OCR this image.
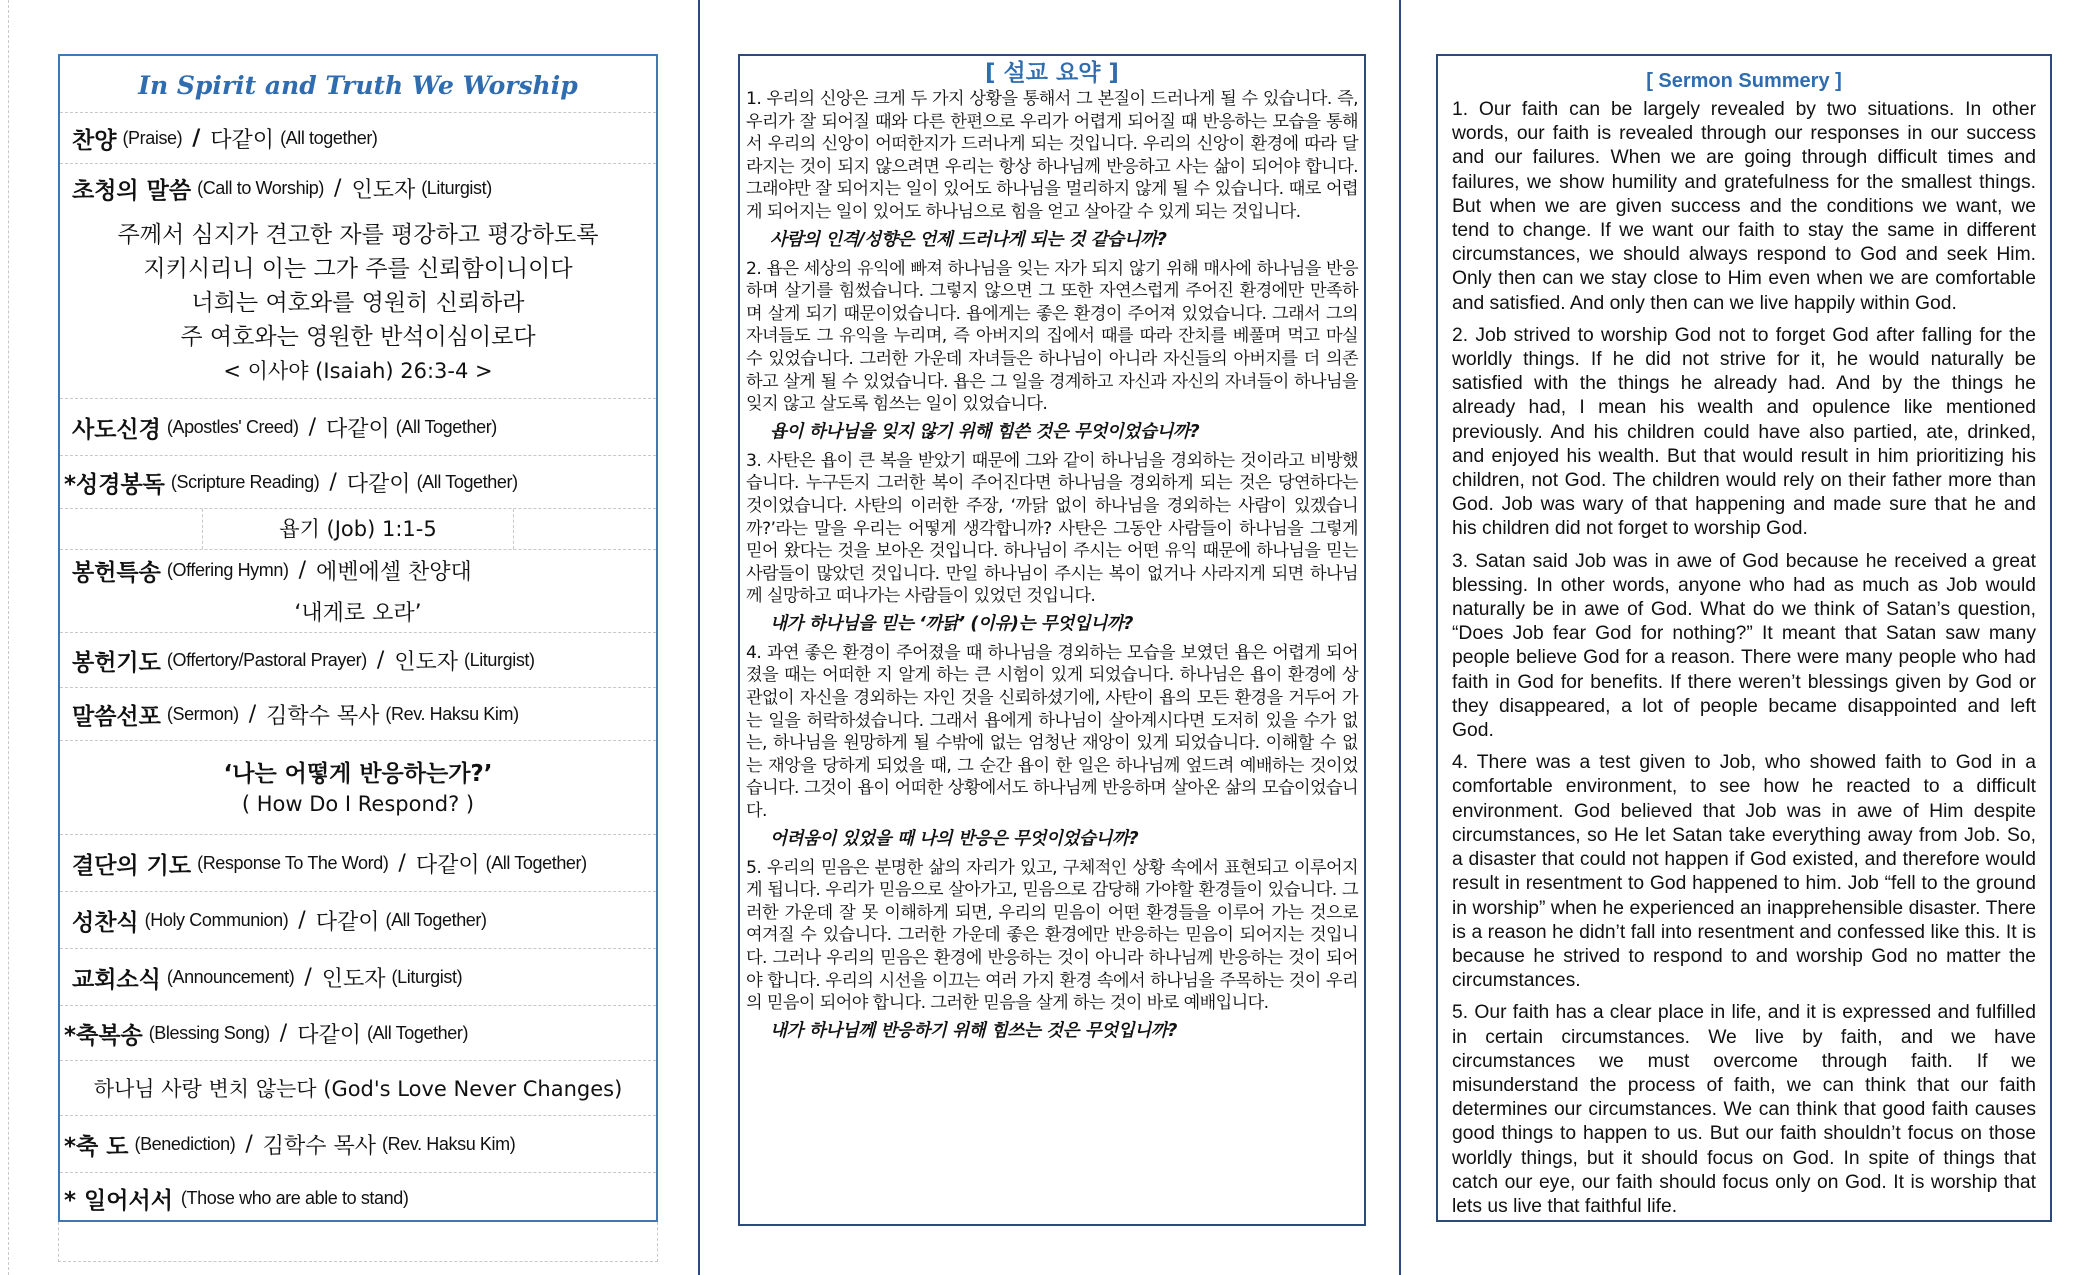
In Spirit and Truth We Worship
찬양 (Praise) / 다같이 (All together)
초청의 말씀 (Call to Worship) / 인도자 (Liturgist)
주께서 심지가 견고한 자를 평강하고 평강하도록
지키시리니 이는 그가 주를 신뢰함이니이다
너희는 여호와를 영원히 신뢰하라
주 여호와는 영원한 반석이심이로다
< 이사야 (Isaiah) 26:3-4 >
사도신경 (Apostles' Creed) / 다같이 (All Together)
*성경봉독 (Scripture Reading) / 다같이 (All Together)
욥기 (Job) 1:1-5
봉헌특송 (Offering Hymn) / 에벤에셀 찬양대
‘내게로 오라’
봉헌기도 (Offertory/Pastoral Prayer) / 인도자 (Liturgist)
말씀선포 (Sermon) / 김학수 목사 (Rev. Haksu Kim)
‘나는 어떻게 반응하는가?’
( How Do I Respond? )
결단의 기도 (Response To The Word) / 다같이 (All Together)
성찬식 (Holy Communion) / 다같이 (All Together)
교회소식 (Announcement) / 인도자 (Liturgist)
*축복송 (Blessing Song) / 다같이 (All Together)
하나님 사랑 변치 않는다 (God's Love Never Changes)
*축 도 (Benediction) / 김학수 목사 (Rev. Haksu Kim)
* 일어서서 (Those who are able to stand)
[ 설교 요약 ]

1. 우리의 신앙은 크게 두 가지 상황을 통해서 그 본질이 드러나게 될 수 있습니다. 즉, 우리가 잘 되어질 때와 다른 한편으로 우리가 어렵게 되어질 때 반응하는 모습을 통해서 우리의 신앙이 어떠한지가 드러나게 되는 것입니다. 우리의 신앙이 환경에 따라 달라지는 것이 되지 않으려면 우리는 항상 하나님께 반응하고 사는 삶이 되어야 합니다. 그래야만 잘 되어지는 일이 있어도 하나님을 멀리하지 않게 될 수 있습니다. 때로 어렵게 되어지는 일이 있어도 하나님으로 힘을 얻고 살아갈 수 있게 되는 것입니다.

사람의 인격/성향은 언제 드러나게 되는 것 같습니까?

2. 욥은 세상의 유익에 빠져 하나님을 잊는 자가 되지 않기 위해 매사에 하나님을 반응하며 살기를 힘썼습니다. 그렇지 않으면 그 또한 자연스럽게 주어진 환경에만 만족하며 살게 되기 때문이었습니다. 욥에게는 좋은 환경이 주어져 있었습니다. 그래서 그의 자녀들도 그 유익을 누리며, 즉 아버지의 집에서 때를 따라 잔치를 베풀며 먹고 마실 수 있었습니다. 그러한 가운데 자녀들은 하나님이 아니라 자신들의 아버지를 더 의존하고 살게 될 수 있었습니다. 욥은 그 일을 경계하고 자신과 자신의 자녀들이 하나님을 잊지 않고 살도록 힘쓰는 일이 있었습니다.

욥이 하나님을 잊지 않기 위해 힘쓴 것은 무엇이었습니까?

3. 사탄은 욥이 큰 복을 받았기 때문에 그와 같이 하나님을 경외하는 것이라고 비방했습니다. 누구든지 그러한 복이 주어진다면 하나님을 경외하게 되는 것은 당연하다는 것이었습니다. 사탄의 이러한 주장, ‘까닭 없이 하나님을 경외하는 사람이 있겠습니까?’라는 말을 우리는 어떻게 생각합니까? 사탄은 그동안 사람들이 하나님을 그렇게 믿어 왔다는 것을 보아온 것입니다. 하나님이 주시는 어떤 유익 때문에 하나님을 믿는 사람들이 많았던 것입니다. 만일 하나님이 주시는 복이 없거나 사라지게 되면 하나님께 실망하고 떠나가는 사람들이 있었던 것입니다.

내가 하나님을 믿는 ‘까닭’ (이유)는 무엇입니까?

4. 과연 좋은 환경이 주어졌을 때 하나님을 경외하는 모습을 보였던 욥은 어렵게 되어졌을 때는 어떠한 지 알게 하는 큰 시험이 있게 되었습니다. 하나님은 욥이 환경에 상관없이 자신을 경외하는 자인 것을 신뢰하셨기에, 사탄이 욥의 모든 환경을 거두어 가는 일을 허락하셨습니다. 그래서 욥에게 하나님이 살아계시다면 도저히 있을 수가 없는, 하나님을 원망하게 될 수밖에 없는 엄청난 재앙이 있게 되었습니다. 이해할 수 없는 재앙을 당하게 되었을 때, 그 순간 욥이 한 일은 하나님께 엎드려 예배하는 것이었습니다. 그것이 욥이 어떠한 상황에서도 하나님께 반응하며 살아온 삶의 모습이었습니다.

어려움이 있었을 때 나의 반응은 무엇이었습니까?

5. 우리의 믿음은 분명한 삶의 자리가 있고, 구체적인 상황 속에서 표현되고 이루어지게 됩니다. 우리가 믿음으로 살아가고, 믿음으로 감당해 가야할 환경들이 있습니다. 그러한 가운데 잘 못 이해하게 되면, 우리의 믿음이 어떤 환경들을 이루어 가는 것으로 여겨질 수 있습니다. 그러한 가운데 좋은 환경에만 반응하는 믿음이 되어지는 것입니다. 그러나 우리의 믿음은 환경에 반응하는 것이 아니라 하나님께 반응하는 것이 되어야 합니다. 우리의 시선을 이끄는 여러 가지 환경 속에서 하나님을 주목하는 것이 우리의 믿음이 되어야 합니다. 그러한 믿음을 살게 하는 것이 바로 예배입니다.

내가 하나님께 반응하기 위해 힘쓰는 것은 무엇입니까?
[ Sermon Summery ]

1. Our faith can be largely revealed by two situations. In other words, our faith is revealed through our responses in our success and our failures. When we are going through difficult times and failures, we show humility and gratefulness for the smallest things. But when we are given success and the conditions we want, we tend to change. If we want our faith to stay the same in different circumstances, we should always respond to God and seek Him. Only then can we stay close to Him even when we are comfortable and satisfied. And only then can we live happily within God.

2. Job strived to worship God not to forget God after falling for the worldly things. If he did not strive for it, he would naturally be satisfied with the things he already had. And by the things he already had, I mean his wealth and opulence like mentioned previously. And his children could have also partied, ate, drinked, and enjoyed his wealth. But that would result in him prioritizing his children, not God. The children would rely on their father more than God. Job was wary of that happening and made sure that he and his children did not forget to worship God.

3. Satan said Job was in awe of God because he received a great blessing. In other words, anyone who had as much as Job would naturally be in awe of God. What do we think of Satan’s question, “Does Job fear God for nothing?” It meant that Satan saw many people believe God for a reason. There were many people who had faith in God for benefits. If there weren’t blessings given by God or they disappeared, a lot of people became disappointed and left God.

4. There was a test given to Job, who showed faith to God in a comfortable environment, to see how he reacted to a difficult environment. God believed that Job was in awe of Him despite circumstances, so He let Satan take everything away from Job. So, a disaster that could not happen if God existed, and therefore would result in resentment to God happened to him. Job “fell to the ground in worship” when he experienced an inapprehensible disaster. There is a reason he didn’t fall into resentment and confessed like this. It is because he strived to respond to and worship God no matter the circumstances.

5. Our faith has a clear place in life, and it is expressed and fulfilled in certain circumstances. We live by faith, and we have circumstances we must overcome through faith. If we misunderstand the process of faith, we can think that our faith determines our circumstances. We can think that good faith causes good things to happen to us. But our faith shouldn’t focus on those worldly things, but it should focus on God. In spite of things that catch our eye, our faith should focus only on God. It is worship that lets us live that faithful life.
